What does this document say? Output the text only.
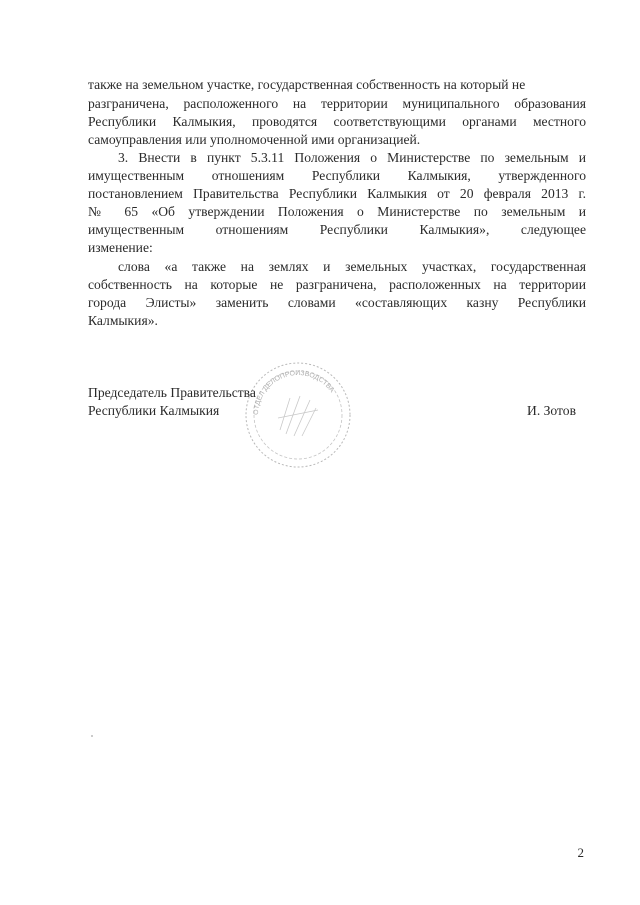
также на земельном участке, государственная собственность на который не
разграничена, расположенного на территории муниципального образования
Республики Калмыкия, проводятся соответствующими органами местного
самоуправления или уполномоченной ими организацией.
3. Внести в пункт 5.3.11 Положения о Министерстве по земельным и
имущественным отношениям Республики Калмыкия, утвержденного
постановлением Правительства Республики Калмыкия от 20 февраля 2013 г.
№ 65 «Об утверждении Положения о Министерстве по земельным и
имущественным отношениям Республики Калмыкия», следующее
изменение:
слова «а также на землях и земельных участках, государственная
собственность на которые не разграничена, расположенных на территории
города Элисты» заменить словами «составляющих казну Республики
Калмыкия».
ОТДЕЛ ДЕЛОПРОИЗВОДСТВА
Председатель Правительства
Республики Калмыкия	И. Зотов
2
